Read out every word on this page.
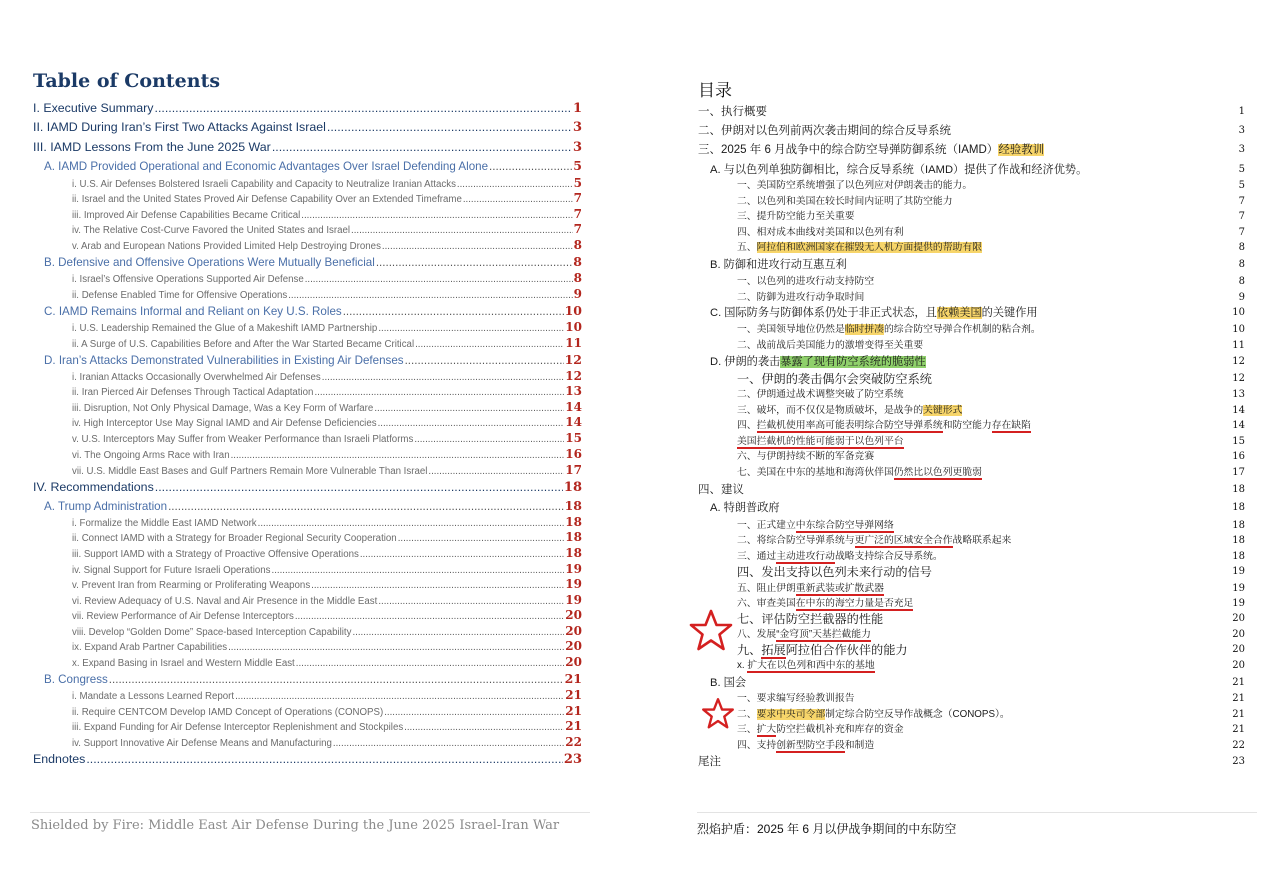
Table of Contents
I. Executive Summary .....	1
II. IAMD During Iran’s First Two Attacks Against Israel .....	3
III. IAMD Lessons From the June 2025 War .....	3
A. IAMD Provided Operational and Economic Advantages Over Israel Defending Alone .....	5
i. U.S. Air Defenses Bolstered Israeli Capability and Capacity to Neutralize Iranian Attacks .....	5
ii. Israel and the United States Proved Air Defense Capability Over an Extended Timeframe .....	7
iii. Improved Air Defense Capabilities Became Critical .....	7
iv. The Relative Cost-Curve Favored the United States and Israel .....	7
v. Arab and European Nations Provided Limited Help Destroying Drones .....	8
B. Defensive and Offensive Operations Were Mutually Beneficial .....	8
i. Israel’s Offensive Operations Supported Air Defense .....	8
ii. Defense Enabled Time for Offensive Operations .....	9
C. IAMD Remains Informal and Reliant on Key U.S. Roles .....	10
i. U.S. Leadership Remained the Glue of a Makeshift IAMD Partnership .....	10
ii. A Surge of U.S. Capabilities Before and After the War Started Became Critical .....	11
D. Iran’s Attacks Demonstrated Vulnerabilities in Existing Air Defenses .....	12
i. Iranian Attacks Occasionally Overwhelmed Air Defenses .....	12
ii. Iran Pierced Air Defenses Through Tactical Adaptation .....	13
iii. Disruption, Not Only Physical Damage, Was a Key Form of Warfare .....	14
iv. High Interceptor Use May Signal IAMD and Air Defense Deficiencies .....	14
v. U.S. Interceptors May Suffer from Weaker Performance than Israeli Platforms .....	15
vi. The Ongoing Arms Race with Iran .....	16
vii. U.S. Middle East Bases and Gulf Partners Remain More Vulnerable Than Israel .....	17
IV. Recommendations .....	18
A. Trump Administration .....	18
i. Formalize the Middle East IAMD Network .....	18
ii. Connect IAMD with a Strategy for Broader Regional Security Cooperation .....	18
iii. Support IAMD with a Strategy of Proactive Offensive Operations .....	18
iv. Signal Support for Future Israeli Operations .....	19
v. Prevent Iran from Rearming or Proliferating Weapons .....	19
vi. Review Adequacy of U.S. Naval and Air Presence in the Middle East .....	19
vii. Review Performance of Air Defense Interceptors .....	20
viii. Develop “Golden Dome” Space-based Interception Capability .....	20
ix. Expand Arab Partner Capabilities .....	20
x. Expand Basing in Israel and Western Middle East .....	20
B. Congress .....	21
i. Mandate a Lessons Learned Report .....	21
ii. Require CENTCOM Develop IAMD Concept of Operations (CONOPS) .....	21
iii. Expand Funding for Air Defense Interceptor Replenishment and Stockpiles .....	21
iv. Support Innovative Air Defense Means and Manufacturing .....	22
Endnotes .....	23
Shielded by Fire: Middle East Air Defense During the June 2025 Israel-Iran War
目录
一、执行概要	1
二、伊朗对以色列前两次袭击期间的综合反导系统	3
三、2025 年 6 月战争中的综合防空导弹防御系统（IAMD）经验教训	3
A. 与以色列单独防御相比，综合反导系统（IAMD）提供了作战和经济优势。	5
一、美国防空系统增强了以色列应对伊朗袭击的能力。	5
二、以色列和美国在较长时间内证明了其防空能力	7
三、提升防空能力至关重要	7
四、相对成本曲线对美国和以色列有利	7
五、阿拉伯和欧洲国家在摧毁无人机方面提供的帮助有限	8
B. 防御和进攻行动互惠互利	8
一、以色列的进攻行动支持防空	8
二、防御为进攻行动争取时间	9
C. 国际防务与防御体系仍处于非正式状态，且依赖美国的关键作用	10
一、美国领导地位仍然是临时拼凑的综合防空导弹合作机制的粘合剂。	10
二、战前战后美国能力的激增变得至关重要	11
D. 伊朗的袭击暴露了现有防空系统的脆弱性	12
一、伊朗的袭击偶尔会突破防空系统	12
二、伊朗通过战术调整突破了防空系统	13
三、破坏，而不仅仅是物质破坏，是战争的关键形式	14
四、拦截机使用率高可能表明综合防空导弹系统和防空能力存在缺陷	14
美国拦截机的性能可能弱于以色列平台	15
六、与伊朗持续不断的军备竞赛	16
七、美国在中东的基地和海湾伙伴国仍然比以色列更脆弱	17
四、建议	18
A. 特朗普政府	18
一、正式建立中东综合防空导弹网络	18
二、将综合防空导弹系统与更广泛的区域安全合作战略联系起来	18
三、通过主动进攻行动战略支持综合反导系统。	18
四、发出支持以色列未来行动的信号	19
五、阻止伊朗重新武装或扩散武器	19
六、审查美国在中东的海空力量是否充足	19
七、评估防空拦截器的性能	20
八、发展“金穹顶”天基拦截能力	20
九、拓展阿拉伯合作伙伴的能力	20
x. 扩大在以色列和西中东的基地	20
B. 国会	21
一、要求编写经验教训报告	21
二、要求中央司令部制定综合防空反导作战概念（CONOPS）。	21
三、扩大防空拦截机补充和库存的资金	21
四、支持创新型防空手段和制造	22
尾注	23
烈焰护盾：2025 年 6 月以伊战争期间的中东防空
